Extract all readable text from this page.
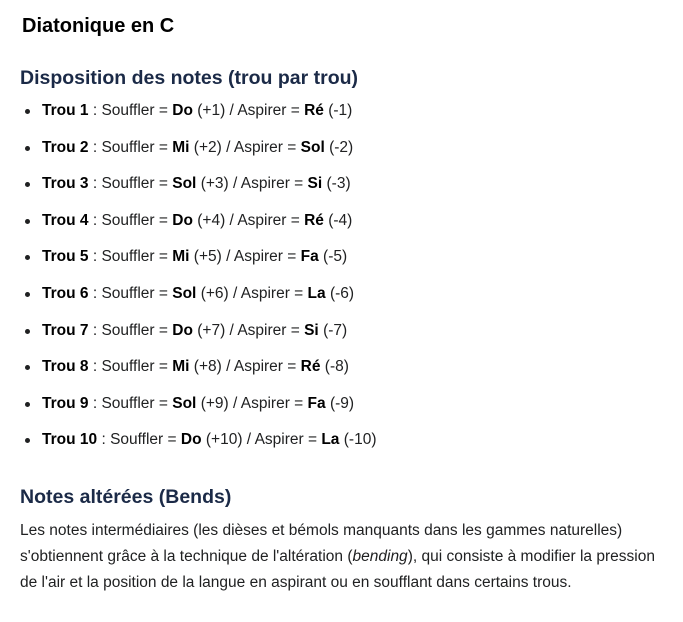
Diatonique en C
Disposition des notes (trou par trou)
Trou 1 : Souffler = Do (+1) / Aspirer = Ré (-1)
Trou 2 : Souffler = Mi (+2) / Aspirer = Sol (-2)
Trou 3 : Souffler = Sol (+3) / Aspirer = Si (-3)
Trou 4 : Souffler = Do (+4) / Aspirer = Ré (-4)
Trou 5 : Souffler = Mi (+5) / Aspirer = Fa (-5)
Trou 6 : Souffler = Sol (+6) / Aspirer = La (-6)
Trou 7 : Souffler = Do (+7) / Aspirer = Si (-7)
Trou 8 : Souffler = Mi (+8) / Aspirer = Ré (-8)
Trou 9 : Souffler = Sol (+9) / Aspirer = Fa (-9)
Trou 10 : Souffler = Do (+10) / Aspirer = La (-10)
Notes altérées (Bends)

Les notes intermédiaires (les dièses et bémols manquants dans les gammes naturelles) s'obtiennent grâce à la technique de l'altération (bending), qui consiste à modifier la pression de l'air et la position de la langue en aspirant ou en soufflant dans certains trous.
